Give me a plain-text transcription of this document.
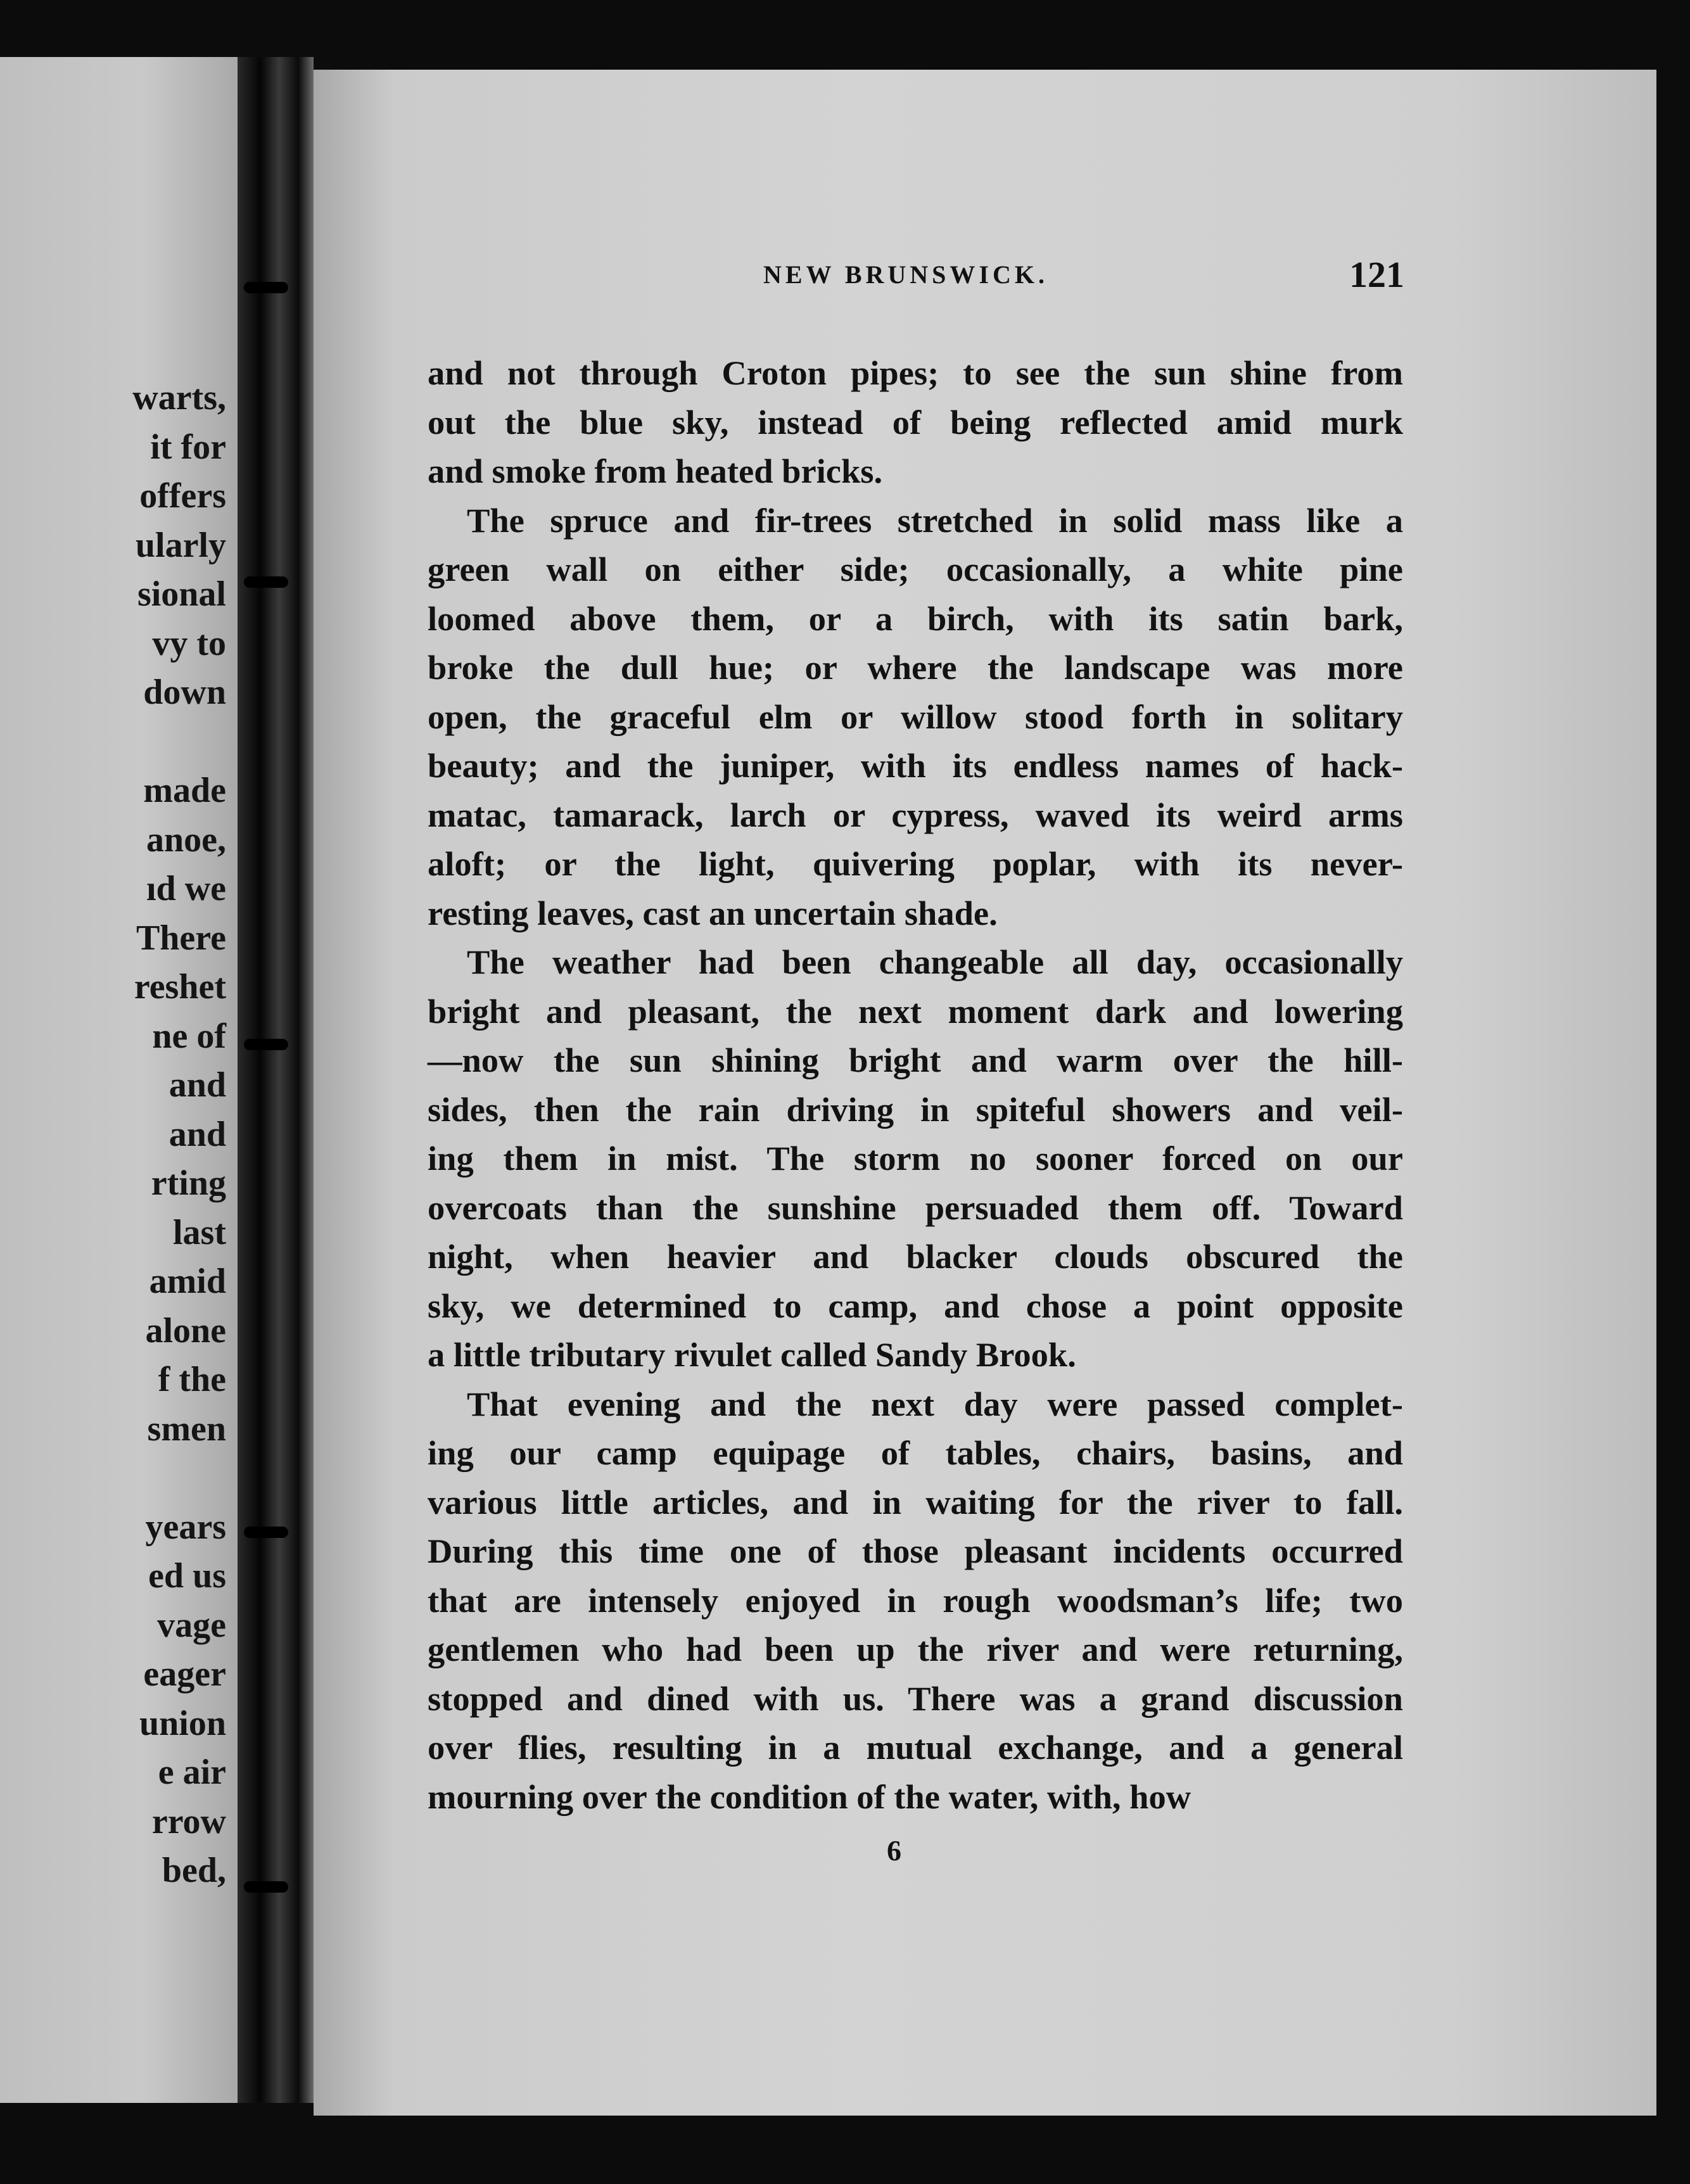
warts,
it for
offers
ularly
sional
vy to
down
made
anoe,
ıd we
There
reshet
ne of
and
and
rting
last
amid
alone
f the
smen
years
ed us
vage
eager
union
e air
rrow
bed,
NEW BRUNSWICK.	121
and not through Croton pipes; to see the sun shine from
out the blue sky, instead of being reflected amid murk
and smoke from heated bricks.
The spruce and fir-trees stretched in solid mass like a
green wall on either side; occasionally, a white pine
loomed above them, or a birch, with its satin bark,
broke the dull hue; or where the landscape was more
open, the graceful elm or willow stood forth in solitary
beauty; and the juniper, with its endless names of hack-
matac, tamarack, larch or cypress, waved its weird arms
aloft; or the light, quivering poplar, with its never-
resting leaves, cast an uncertain shade.
The weather had been changeable all day, occasionally
bright and pleasant, the next moment dark and lowering
—now the sun shining bright and warm over the hill-
sides, then the rain driving in spiteful showers and veil-
ing them in mist. The storm no sooner forced on our
overcoats than the sunshine persuaded them off. Toward
night, when heavier and blacker clouds obscured the
sky, we determined to camp, and chose a point opposite
a little tributary rivulet called Sandy Brook.
That evening and the next day were passed complet-
ing our camp equipage of tables, chairs, basins, and
various little articles, and in waiting for the river to fall.
During this time one of those pleasant incidents occurred
that are intensely enjoyed in rough woodsman’s life; two
gentlemen who had been up the river and were returning,
stopped and dined with us. There was a grand discussion
over flies, resulting in a mutual exchange, and a general
mourning over the condition of the water, with, how
6
